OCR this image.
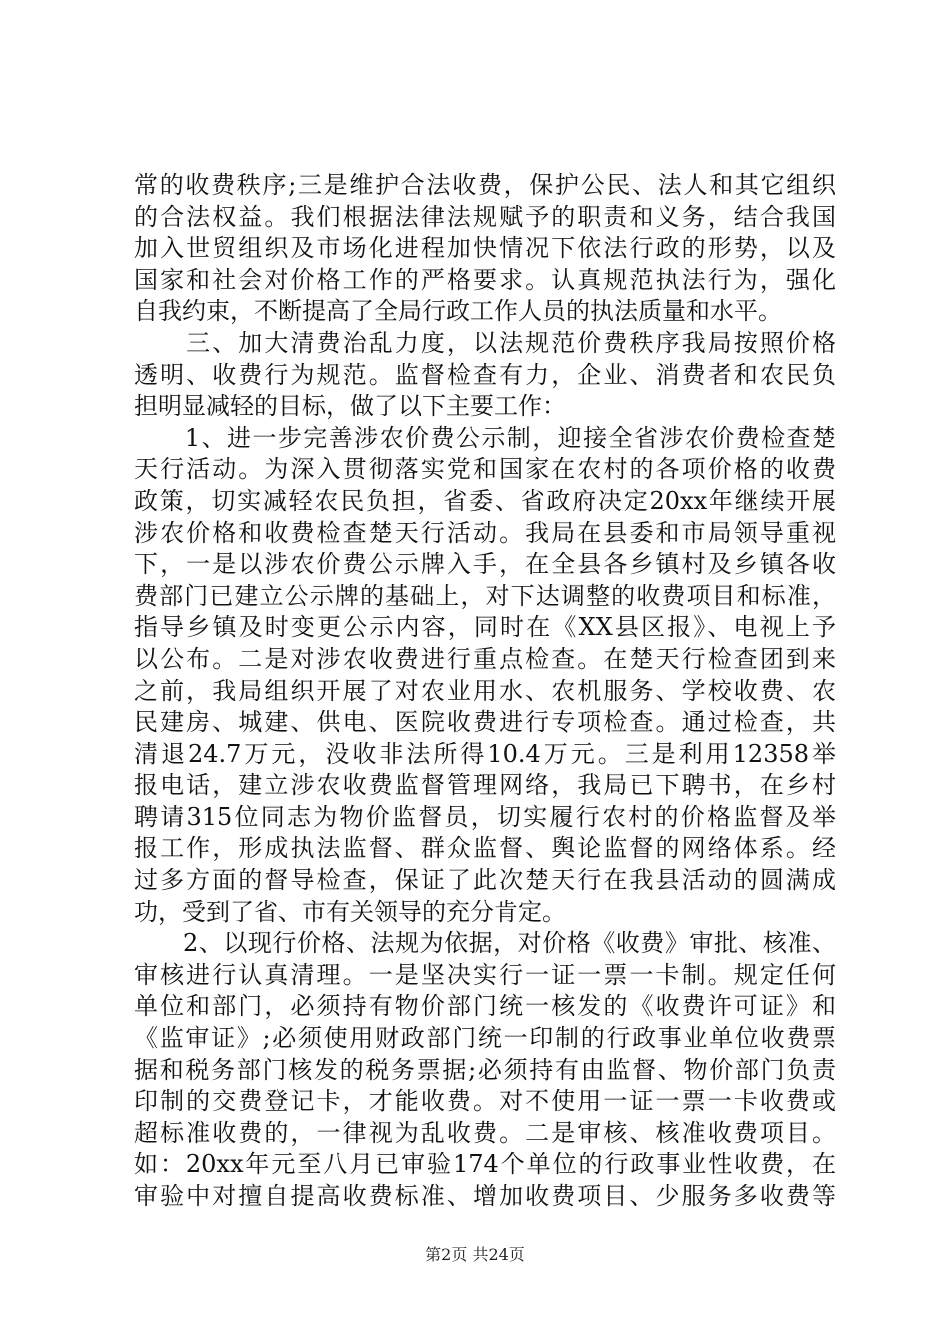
常的收费秩序;三是维护合法收费，保护公民、法人和其它组织
的合法权益。我们根据法律法规赋予的职责和义务，结合我国
加入世贸组织及市场化进程加快情况下依法行政的形势，以及
国家和社会对价格工作的严格要求。认真规范执法行为，强化
自我约束，不断提高了全局行政工作人员的执法质量和水平。
　　三、加大清费治乱力度，以法规范价费秩序我局按照价格
透明、收费行为规范。监督检查有力，企业、消费者和农民负
担明显减轻的目标，做了以下主要工作：
　　1、进一步完善涉农价费公示制，迎接全省涉农价费检查楚
天行活动。为深入贯彻落实党和国家在农村的各项价格的收费
政策，切实减轻农民负担，省委、省政府决定20xx年继续开展
涉农价格和收费检查楚天行活动。我局在县委和市局领导重视
下，一是以涉农价费公示牌入手，在全县各乡镇村及乡镇各收
费部门已建立公示牌的基础上，对下达调整的收费项目和标准，
指导乡镇及时变更公示内容，同时在《XX县区报》、电视上予
以公布。二是对涉农收费进行重点检查。在楚天行检查团到来
之前，我局组织开展了对农业用水、农机服务、学校收费、农
民建房、城建、供电、医院收费进行专项检查。通过检查，共
清退24.7万元，没收非法所得10.4万元。三是利用12358举
报电话，建立涉农收费监督管理网络，我局已下聘书，在乡村
聘请315位同志为物价监督员，切实履行农村的价格监督及举
报工作，形成执法监督、群众监督、舆论监督的网络体系。经
过多方面的督导检查，保证了此次楚天行在我县活动的圆满成
功，受到了省、市有关领导的充分肯定。
　　2、以现行价格、法规为依据，对价格《收费》审批、核准、
审核进行认真清理。一是坚决实行一证一票一卡制。规定任何
单位和部门，必须持有物价部门统一核发的《收费许可证》和
《监审证》;必须使用财政部门统一印制的行政事业单位收费票
据和税务部门核发的税务票据;必须持有由监督、物价部门负责
印制的交费登记卡，才能收费。对不使用一证一票一卡收费或
超标准收费的，一律视为乱收费。二是审核、核准收费项目。
如：20xx年元至八月已审验174个单位的行政事业性收费，在
审验中对擅自提高收费标准、增加收费项目、少服务多收费等
第2页 共24页
